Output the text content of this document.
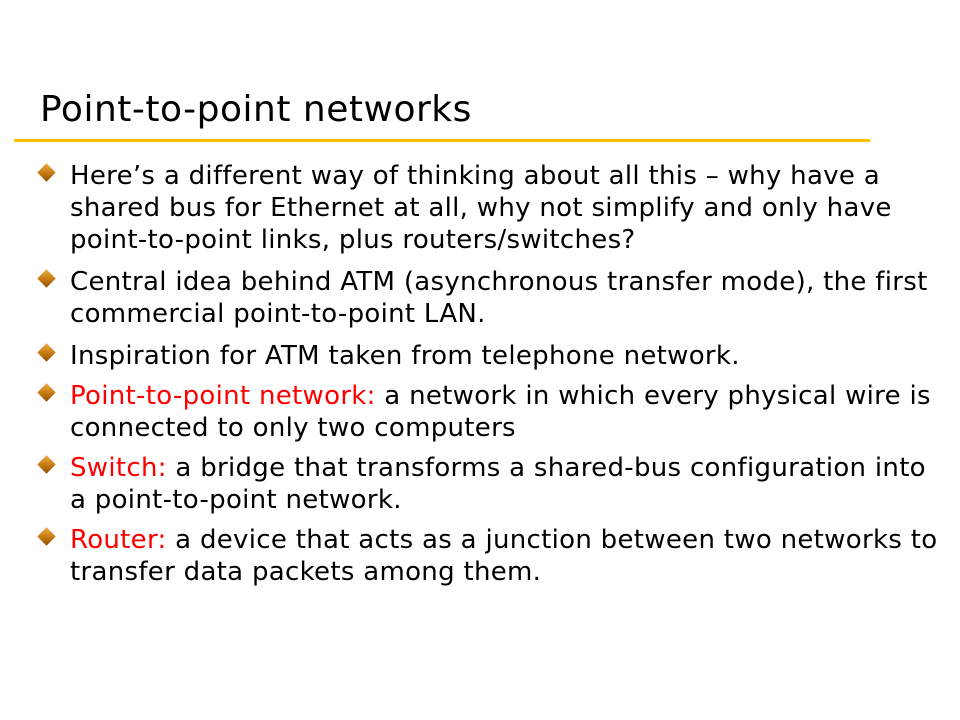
Point-to-point networks
Here’s a different way of thinking about all this – why have a shared bus for Ethernet at all, why not simplify and only have point-to-point links, plus routers/switches?
Central idea behind ATM (asynchronous transfer mode), the first commercial point-to-point LAN.
Inspiration for ATM taken from telephone network.
Point-to-point network: a network in which every physical wire is connected to only two computers
Switch: a bridge that transforms a shared-bus configuration into a point-to-point network.
Router: a device that acts as a junction between two networks to transfer data packets among them.
